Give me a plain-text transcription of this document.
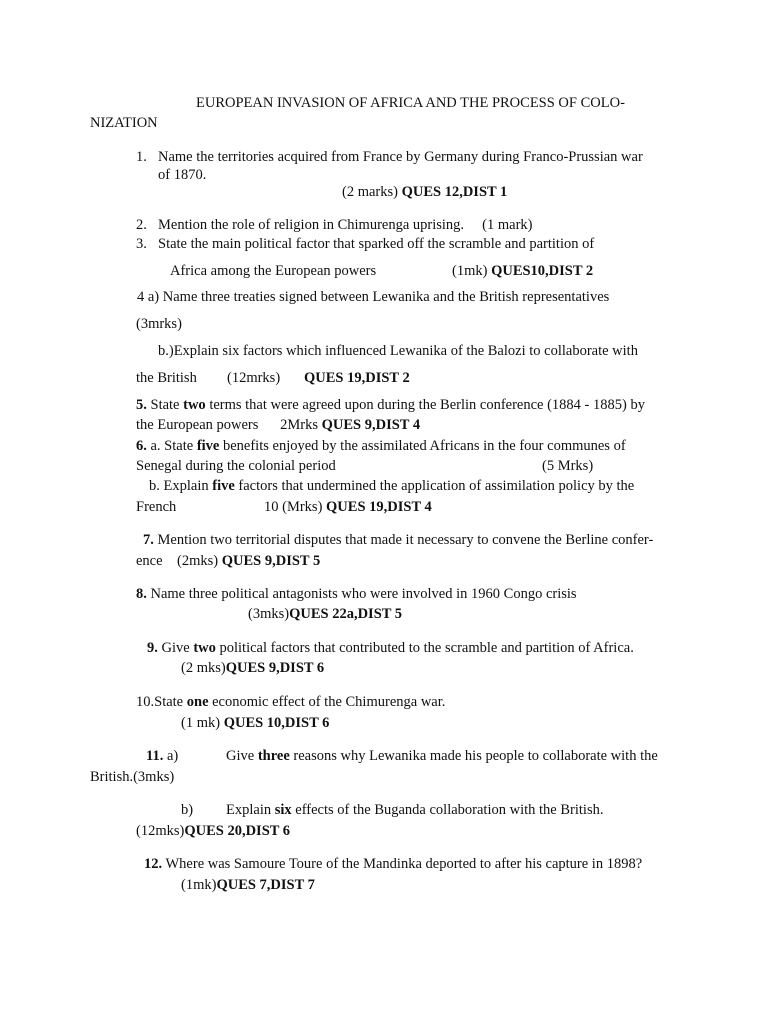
EUROPEAN INVASION OF AFRICA AND THE PROCESS OF COLO-
NIZATION
1. Name the territories acquired from France by Germany during Franco-Prussian war
of 1870.
(2 marks) QUES 12,DIST 1
2. Mention the role of religion in Chimurenga uprising.     (1 mark)
3. State the main political factor that sparked off the scramble and partition of
Africa among the European powers	(1mk) QUES10,DIST 2
4 a) Name three treaties signed between Lewanika and the British representatives
(3mrks)
b.)Explain six factors which influenced Lewanika of the Balozi to collaborate with
the British (12mrks) QUES 19,DIST 2
5. State two terms that were agreed upon during the Berlin conference (1884 - 1885) by
the European powers      2Mrks QUES 9,DIST 4
6. a. State five benefits enjoyed by the assimilated Africans in the four communes of
Senegal during the colonial period	(5 Mrks)
b. Explain five factors that undermined the application of assimilation policy by the
French	10 (Mrks) QUES 19,DIST 4
7. Mention two territorial disputes that made it necessary to convene the Berline confer-
ence    (2mks) QUES 9,DIST 5
8. Name three political antagonists who were involved in 1960 Congo crisis
(3mks)QUES 22a,DIST 5
9. Give two political factors that contributed to the scramble and partition of Africa.
(2 mks)QUES 9,DIST 6
10.State one economic effect of the Chimurenga war.
(1 mk) QUES 10,DIST 6
11. a)	Give three reasons why Lewanika made his people to collaborate with the
British.(3mks)
b) Explain six effects of the Buganda collaboration with the British.
(12mks)QUES 20,DIST 6
12. Where was Samoure Toure of the Mandinka deported to after his capture in 1898?
(1mk)QUES 7,DIST 7
